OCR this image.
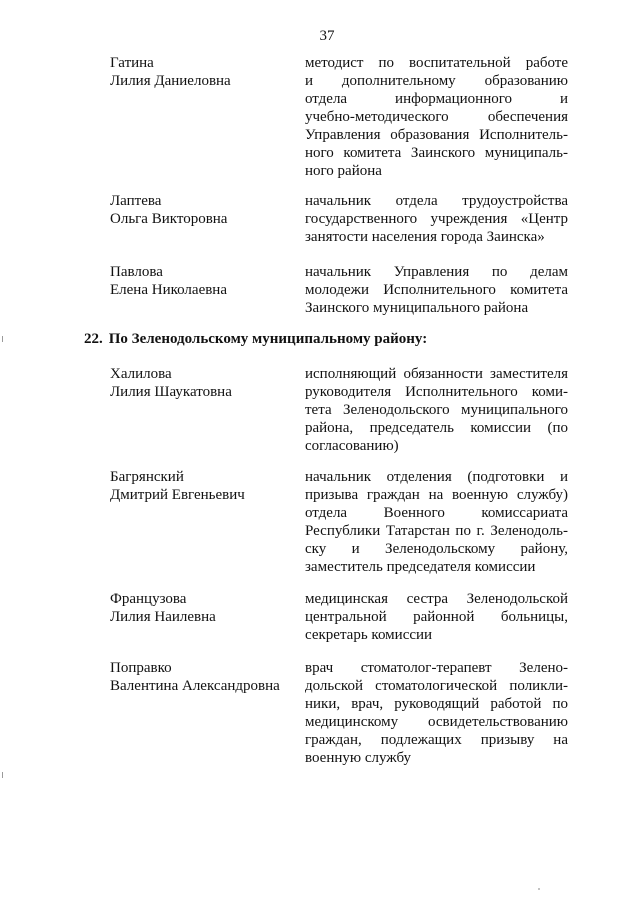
37
Гатина
Лилия Даниеловна
методист по воспитательной работе
и дополнительному образованию
отдела информационного и
учебно-методического обеспечения
Управления образования Исполнитель-
ного комитета Заинского муниципаль-
ного района
Лаптева
Ольга Викторовна
начальник отдела трудоустройства
государственного учреждения «Центр
занятости населения города Заинска»
Павлова
Елена Николаевна
начальник Управления по делам
молодежи Исполнительного комитета
Заинского муниципального района
22. По Зеленодольскому муниципальному району:
Халилова
Лилия Шаукатовна
исполняющий обязанности заместителя
руководителя Исполнительного коми-
тета Зеленодольского муниципального
района, председатель комиссии (по
согласованию)
Багрянский
Дмитрий Евгеньевич
начальник отделения (подготовки и
призыва граждан на военную службу)
отдела Военного комиссариата
Республики Татарстан по г. Зеленодоль-
ску и Зеленодольскому району,
заместитель председателя комиссии
Французова
Лилия Наилевна
медицинская сестра Зеленодольской
центральной районной больницы,
секретарь комиссии
Поправко
Валентина Александровна
врач стоматолог-терапевт Зелено-
дольской стоматологической поликли-
ники, врач, руководящий работой по
медицинскому освидетельствованию
граждан, подлежащих призыву на
военную службу
